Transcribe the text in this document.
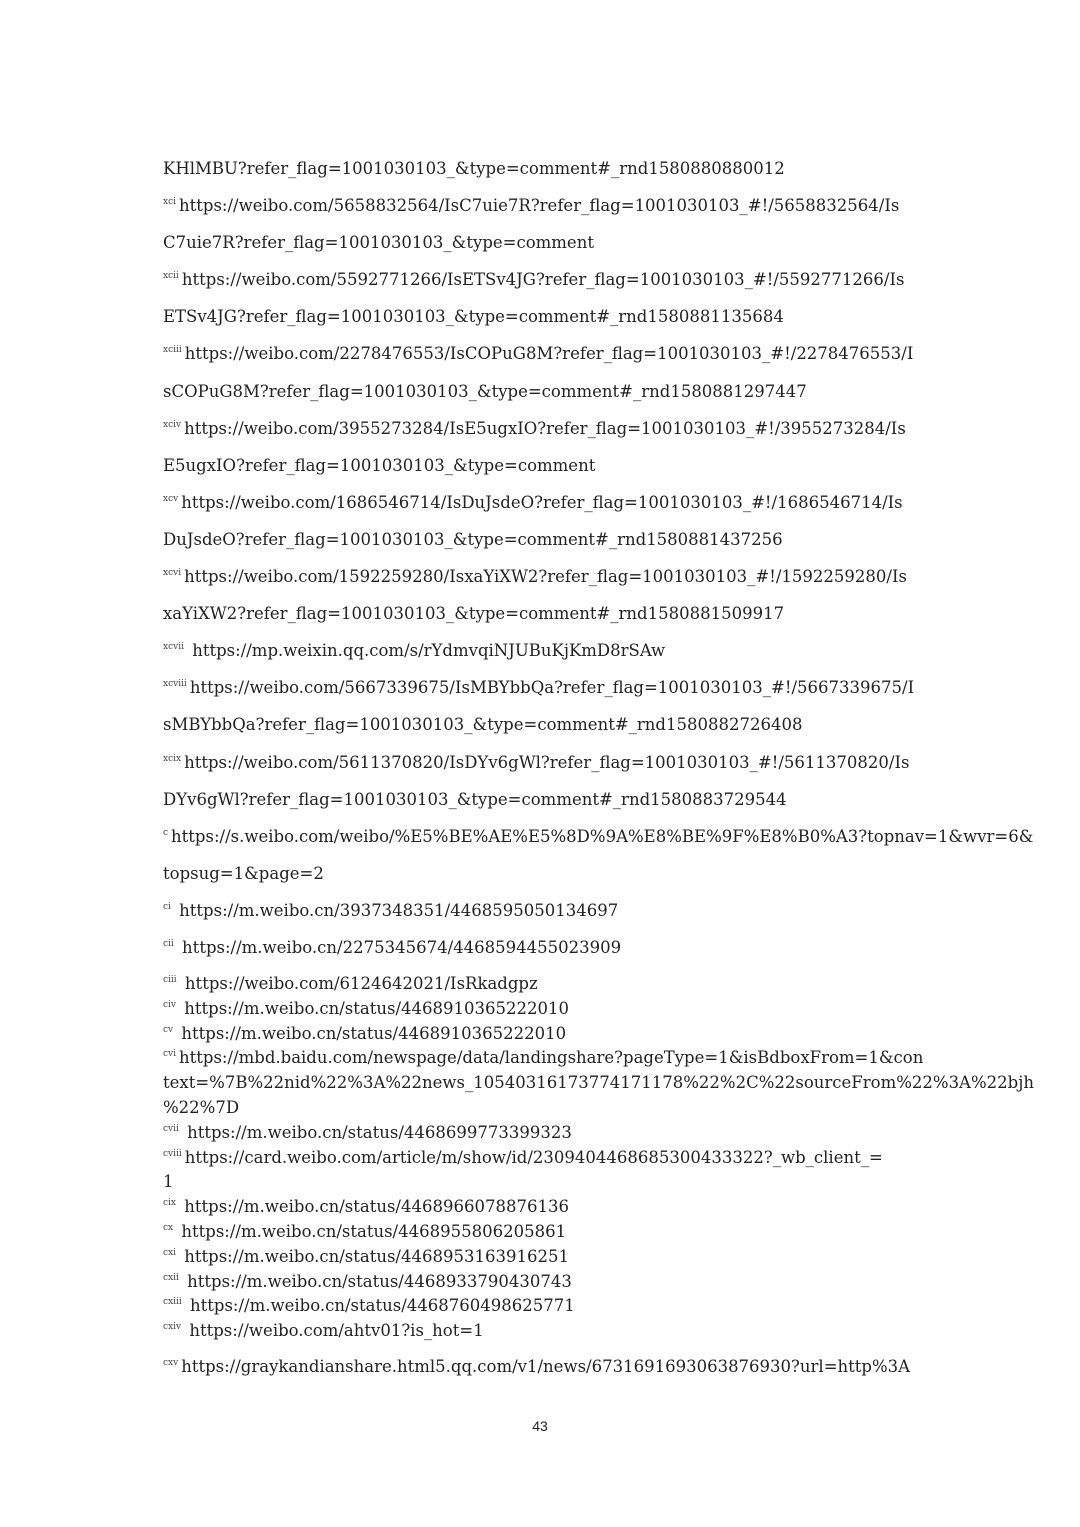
KHlMBU?refer_flag=1001030103_&type=comment#_rnd1580880880012
$^{xci}$ https://weibo.com/5658832564/IsC7uie7R?refer_flag=1001030103_#!/5658832564/Is
C7uie7R?refer_flag=1001030103_&type=comment
$^{xcii}$ https://weibo.com/5592771266/IsETSv4JG?refer_flag=1001030103_#!/5592771266/Is
ETSv4JG?refer_flag=1001030103_&type=comment#_rnd1580881135684
$^{xciii}$ https://weibo.com/2278476553/IsCOPuG8M?refer_flag=1001030103_#!/2278476553/I
sCOPuG8M?refer_flag=1001030103_&type=comment#_rnd1580881297447
$^{xciv}$ https://weibo.com/3955273284/IsE5ugxIO?refer_flag=1001030103_#!/3955273284/Is
E5ugxIO?refer_flag=1001030103_&type=comment
$^{xcv}$ https://weibo.com/1686546714/IsDuJsdeO?refer_flag=1001030103_#!/1686546714/Is
DuJsdeO?refer_flag=1001030103_&type=comment#_rnd1580881437256
$^{xcvi}$ https://weibo.com/1592259280/IsxaYiXW2?refer_flag=1001030103_#!/1592259280/Is
xaYiXW2?refer_flag=1001030103_&type=comment#_rnd1580881509917
$^{xcvii}$ https://mp.weixin.qq.com/s/rYdmvqiNJUBuKjKmD8rSAw
$^{xcviii}$ https://weibo.com/5667339675/IsMBYbbQa?refer_flag=1001030103_#!/5667339675/I
sMBYbbQa?refer_flag=1001030103_&type=comment#_rnd1580882726408
$^{xcix}$ https://weibo.com/5611370820/IsDYv6gWl?refer_flag=1001030103_#!/5611370820/Is
DYv6gWl?refer_flag=1001030103_&type=comment#_rnd1580883729544
$^c$ https://s.weibo.com/weibo/%E5%BE%AE%E5%8D%9A%E8%BE%9F%E8%B0%A3?topnav=1&wvr=6&
topsug=1&page=2
$^{ci}$ https://m.weibo.cn/3937348351/4468595050134697
$^{cii}$ https://m.weibo.cn/2275345674/4468594455023909
$^{ciii}$ https://weibo.com/6124642021/IsRkadgpz
$^{civ}$ https://m.weibo.cn/status/4468910365222010
$^{cv}$ https://m.weibo.cn/status/4468910365222010
$^{cvi}$ https://mbd.baidu.com/newspage/data/landingshare?pageType=1&isBdboxFrom=1&con
text=%7B%22nid%22%3A%22news_10540316173774171178%22%2C%22sourceFrom%22%3A%22bjh
%22%7D
$^{cvii}$ https://m.weibo.cn/status/4468699773399323
$^{cviii}$ https://card.weibo.com/article/m/show/id/2309404468685300433322?_wb_client_=
1
$^{cix}$ https://m.weibo.cn/status/4468966078876136
$^{cx}$ https://m.weibo.cn/status/4468955806205861
$^{cxi}$ https://m.weibo.cn/status/4468953163916251
$^{cxii}$ https://m.weibo.cn/status/4468933790430743
$^{cxiii}$ https://m.weibo.cn/status/4468760498625771
$^{cxiv}$ https://weibo.com/ahtv01?is_hot=1
$^{cxv}$ https://graykandianshare.html5.qq.com/v1/news/6731691693063876930?url=http%3A
43
